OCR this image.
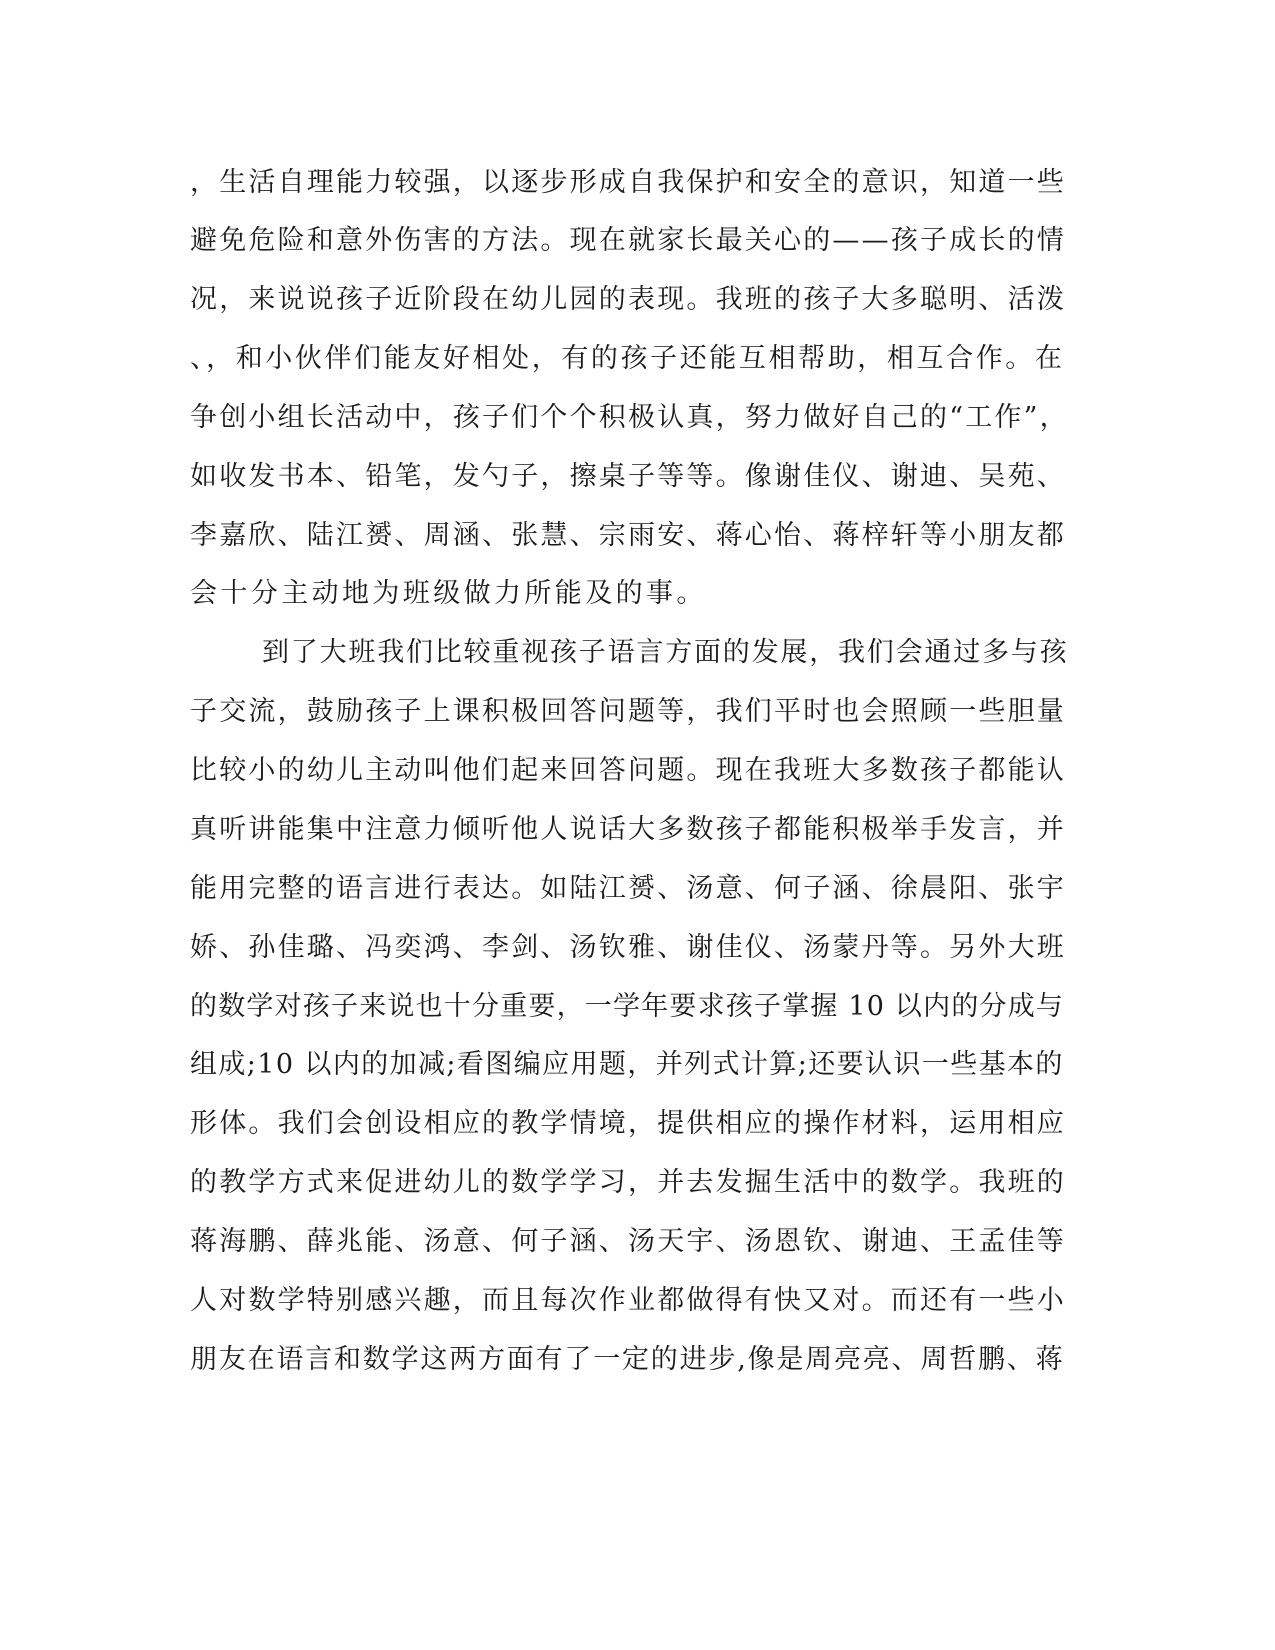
，生活自理能力较强，以逐步形成自我保护和安全的意识，知道一些
避免危险和意外伤害的方法。现在就家长最关心的——孩子成长的情
况，来说说孩子近阶段在幼儿园的表现。我班的孩子大多聪明、活泼
、，和小伙伴们能友好相处，有的孩子还能互相帮助，相互合作。在
争创小组长活动中，孩子们个个积极认真，努力做好自己的“工作”，
如收发书本、铅笔，发勺子，擦桌子等等。像谢佳仪、谢迪、吴苑、
李嘉欣、陆江赟、周涵、张慧、宗雨安、蒋心怡、蒋梓轩等小朋友都
会十分主动地为班级做力所能及的事。
到了大班我们比较重视孩子语言方面的发展，我们会通过多与孩
子交流，鼓励孩子上课积极回答问题等，我们平时也会照顾一些胆量
比较小的幼儿主动叫他们起来回答问题。现在我班大多数孩子都能认
真听讲能集中注意力倾听他人说话大多数孩子都能积极举手发言，并
能用完整的语言进行表达。如陆江赟、汤意、何子涵、徐晨阳、张宇
娇、孙佳璐、冯奕鸿、李剑、汤钦雅、谢佳仪、汤蒙丹等。另外大班
的数学对孩子来说也十分重要，一学年要求孩子掌握 10 以内的分成与
组成;10 以内的加减;看图编应用题，并列式计算;还要认识一些基本的
形体。我们会创设相应的教学情境，提供相应的操作材料，运用相应
的教学方式来促进幼儿的数学学习，并去发掘生活中的数学。我班的
蒋海鹏、薛兆能、汤意、何子涵、汤天宇、汤恩钦、谢迪、王孟佳等
人对数学特别感兴趣，而且每次作业都做得有快又对。而还有一些小
朋友在语言和数学这两方面有了一定的进步,像是周亮亮、周哲鹏、蒋
